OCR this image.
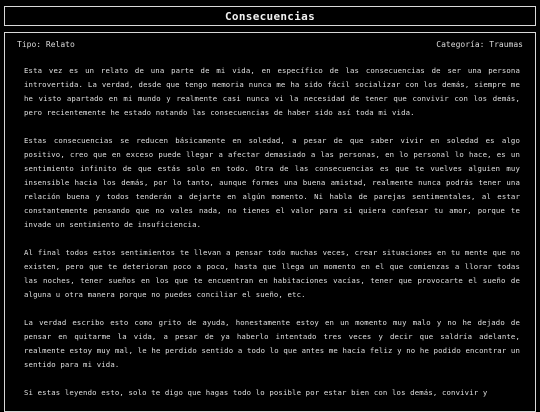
Consecuencias
Tipo: Relato	Categoría: Traumas

Esta vez es un relato de una parte de mi vida, en específico de las consecuencias de ser una persona introvertida. La verdad, desde que tengo memoria nunca me ha sido fácil socializar con los demás, siempre me he visto apartado en mi mundo y realmente casi nunca vi la necesidad de tener que convivir con los demás, pero recientemente he estado notando las consecuencias de haber sido así toda mi vida.

Estas consecuencias se reducen básicamente en soledad, a pesar de que saber vivir en soledad es algo positivo, creo que en exceso puede llegar a afectar demasiado a las personas, en lo personal lo hace, es un sentimiento infinito de que estás solo en todo. Otra de las consecuencias es que te vuelves alguien muy insensible hacia los demás, por lo tanto, aunque formes una buena amistad, realmente nunca podrás tener una relación buena y todos tenderán a dejarte en algún momento. Ni habla de parejas sentimentales, al estar constantemente pensando que no vales nada, no tienes el valor para si quiera confesar tu amor, porque te invade un sentimiento de insuficiencia.

Al final todos estos sentimientos te llevan a pensar todo muchas veces, crear situaciones en tu mente que no existen, pero que te deterioran poco a poco, hasta que llega un momento en el que comienzas a llorar todas las noches, tener sueños en los que te encuentran en habitaciones vacías, tener que provocarte el sueño de alguna u otra manera porque no puedes conciliar el sueño, etc.

La verdad escribo esto como grito de ayuda, honestamente estoy en un momento muy malo y no he dejado de pensar en quitarme la vida, a pesar de ya haberlo intentado tres veces y decir que saldría adelante, realmente estoy muy mal, le he perdido sentido a todo lo que antes me hacía feliz y no he podido encontrar un sentido para mi vida.

Si estas leyendo esto, solo te digo que hagas todo lo posible por estar bien con los demás, convivir y
